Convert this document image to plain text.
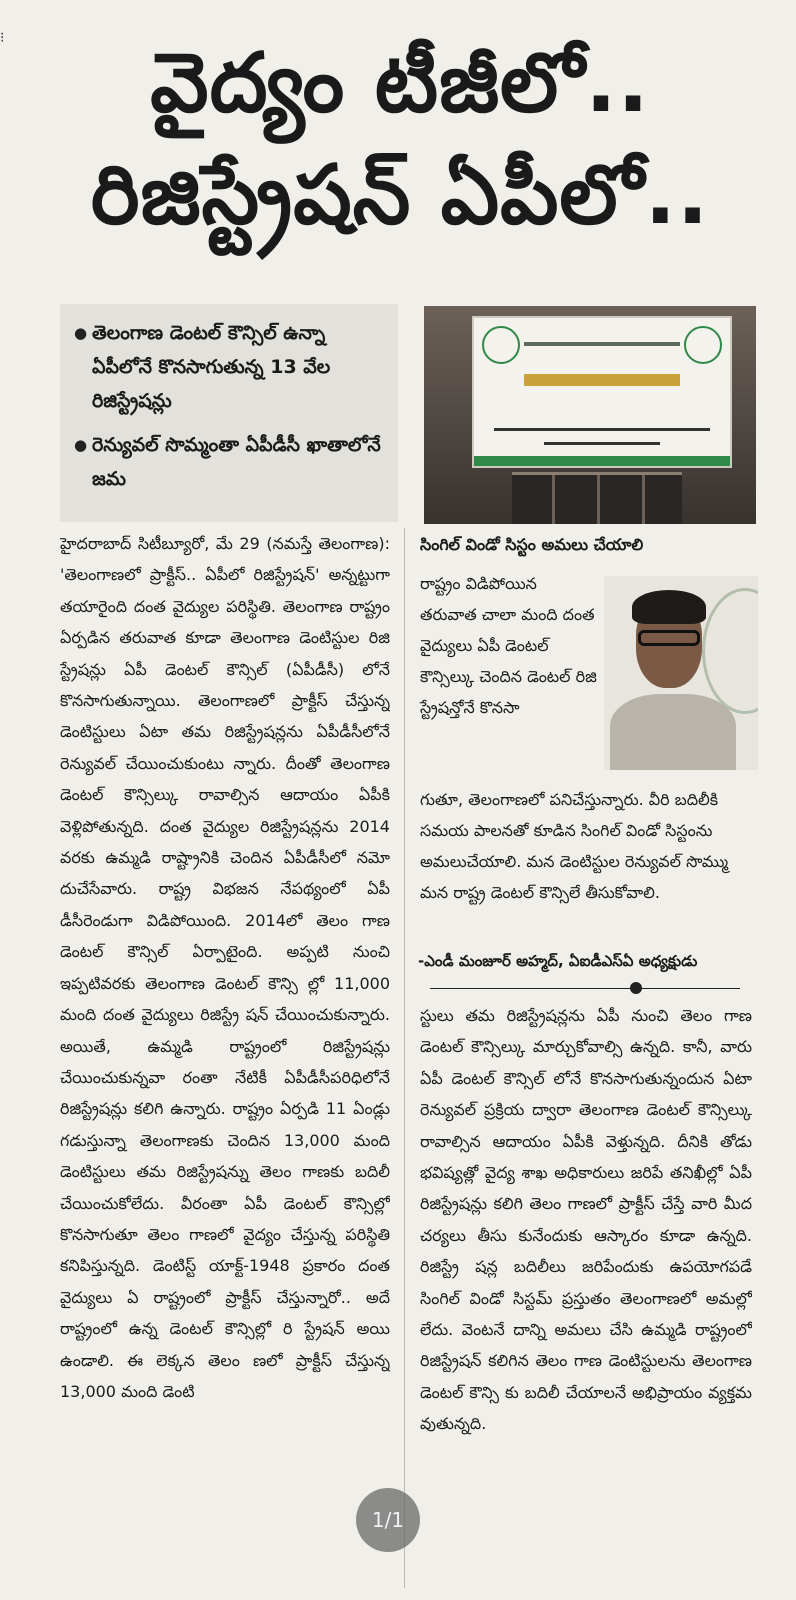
⁝	వైద్యం టీజీలో..
రిజిస్ట్రేషన్ ఏపీలో..
● తెలంగాణ డెంటల్ కౌన్సిల్ ఉన్నా ఏపీలోనే కొనసాగుతున్న 13 వేల రిజిస్ట్రేషన్లు
● రెన్యువల్ సొమ్మంతా ఏపీడీసీ ఖాతాలోనే జమ
సింగిల్ విండో సిస్టం అమలు చేయాలి
రాష్ట్రం విడిపోయిన తరువాత చాలా మంది దంత వైద్యులు ఏపీ డెంటల్ కౌన్సిల్కు చెందిన డెంటల్ రిజి స్ట్రేషన్తోనే కొనసా
గుతూ, తెలంగాణలో పనిచేస్తున్నారు. వీరి బదిలీకి సమయ పాలనతో కూడిన సింగిల్ విండో సిస్టంను అమలుచేయాలి. మన డెంటిస్టుల రెన్యువల్ సొమ్ము మన రాష్ట్ర డెంటల్ కౌన్సిలే తీసుకోవాలి.
-ఎండీ మంజూర్ అహ్మద్, ఏఐడీఎస్ఏ అధ్యక్షుడు
హైదరాబాద్ సిటీబ్యూరో, మే 29 (నమస్తే తెలంగాణ): 'తెలంగాణలో ప్రాక్టీస్.. ఏపీలో రిజిస్ట్రేషన్' అన్నట్టుగా తయారైంది దంత వైద్యుల పరిస్థితి. తెలంగాణ రాష్ట్రం ఏర్పడిన తరువాత కూడా తెలంగాణ డెంటిస్టుల రిజి స్ట్రేషన్లు ఏపీ డెంటల్ కౌన్సిల్ (ఏపీడీసీ) లోనే కొనసాగుతున్నాయి. తెలంగాణలో ప్రాక్టీస్ చేస్తున్న డెంటిస్టులు ఏటా తమ రిజిస్ట్రేషన్లను ఏపీడీసీలోనే రెన్యువల్ చేయించుకుంటు న్నారు. దీంతో తెలంగాణ డెంటల్ కౌన్సిల్కు రావాల్సిన ఆదాయం ఏపీకి వెళ్లిపోతున్నది. దంత వైద్యుల రిజిస్ట్రేషన్లను 2014 వరకు ఉమ్మడి రాష్ట్రానికి చెందిన ఏపీడీసీలో నమో దుచేసేవారు. రాష్ట్ర విభజన నేపథ్యంలో ఏపీ డీసీరెండుగా విడిపోయింది. 2014లో తెలం గాణ డెంటల్ కౌన్సిల్ ఏర్పాటైంది. అప్పటి నుంచి ఇప్పటివరకు తెలంగాణ డెంటల్ కౌన్సి ల్లో 11,000 మంది దంత వైద్యులు రిజిస్ట్రే షన్ చేయించుకున్నారు. అయితే, ఉమ్మడి రాష్ట్రంలో రిజిస్ట్రేషన్లు చేయించుకున్నవా రంతా నేటికీ ఏపీడీసీపరిధిలోనే రిజిస్ట్రేషన్లు కలిగి ఉన్నారు. రాష్ట్రం ఏర్పడి 11 ఏండ్లు గడుస్తున్నా తెలంగాణకు చెందిన 13,000 మంది డెంటిస్టులు తమ రిజిస్ట్రేషన్ను తెలం గాణకు బదిలీ చేయించుకోలేదు. వీరంతా ఏపీ డెంటల్ కౌన్సిల్లో కొనసాగుతూ తెలం గాణలో వైద్యం చేస్తున్న పరిస్థితి కనిపిస్తున్నది. డెంటిస్ట్ యాక్ట్-1948 ప్రకారం దంత వైద్యులు ఏ రాష్ట్రంలో ప్రాక్టీస్ చేస్తున్నారో.. అదే రాష్ట్రంలో ఉన్న డెంటల్ కౌన్సిల్లో రి స్ట్రేషన్ అయి ఉండాలి. ఈ లెక్కన తెలం ణలో ప్రాక్టీస్ చేస్తున్న 13,000 మంది డెంటి
స్టులు తమ రిజిస్ట్రేషన్లను ఏపీ నుంచి తెలం గాణ డెంటల్ కౌన్సిల్కు మార్చుకోవాల్సి ఉన్నది. కానీ, వారు ఏపీ డెంటల్ కౌన్సిల్ లోనే కొనసాగుతున్నందున ఏటా రెన్యువల్ ప్రక్రియ ద్వారా తెలంగాణ డెంటల్ కౌన్సిల్కు రావాల్సిన ఆదాయం ఏపీకి వెళ్తున్నది. దీనికి తోడు భవిష్యత్లో వైద్య శాఖ అధికారులు జరిపే తనిఖీల్లో ఏపీ రిజిస్ట్రేషన్లు కలిగి తెలం గాణలో ప్రాక్టీస్ చేస్తే వారి మీద చర్యలు తీసు కునేందుకు ఆస్కారం కూడా ఉన్నది. రిజిస్ట్రే షన్ల బదిలీలు జరిపేందుకు ఉపయోగపడే సింగిల్ విండో సిస్టమ్ ప్రస్తుతం తెలంగాణలో అమల్లో లేదు. వెంటనే దాన్ని అమలు చేసి ఉమ్మడి రాష్ట్రంలో రిజిస్ట్రేషన్ కలిగిన తెలం గాణ డెంటిస్టులను తెలంగాణ డెంటల్ కౌన్సి కు బదిలీ చేయాలనే అభిప్రాయం వ్యక్తమ వుతున్నది.
1/1
